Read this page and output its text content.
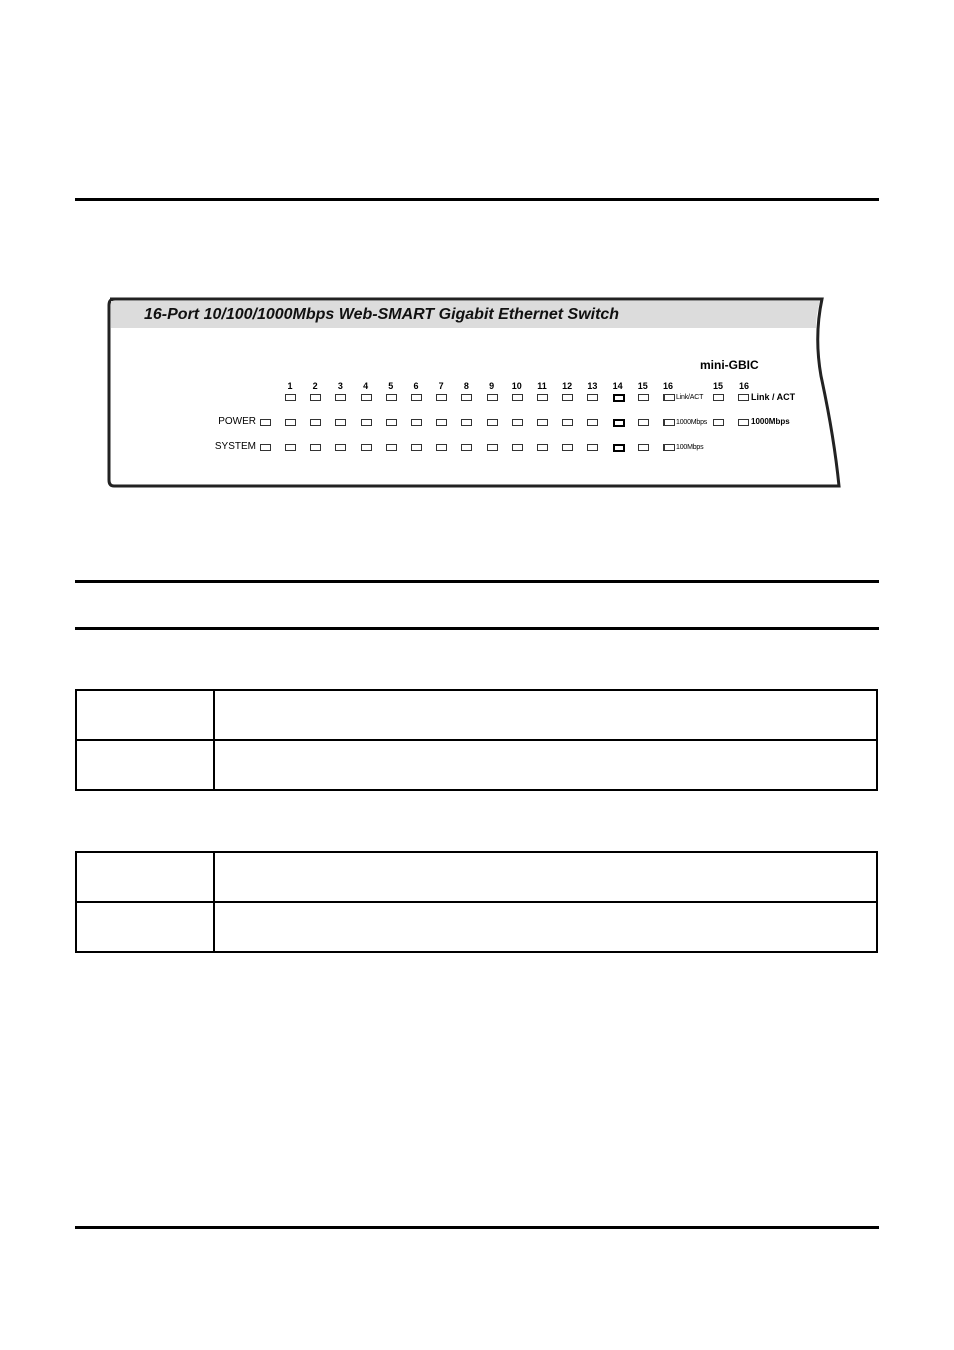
16-Port 10/100/1000Mbps Web-SMART Gigabit Ethernet Switch
mini-GBIC
1	2	3	4	5	6	7	8	9	10	11	12	13	14	15	16	15	16
POWER
SYSTEM
Link/ACT
1000Mbps
100Mbps
Link / ACT
1000Mbps
